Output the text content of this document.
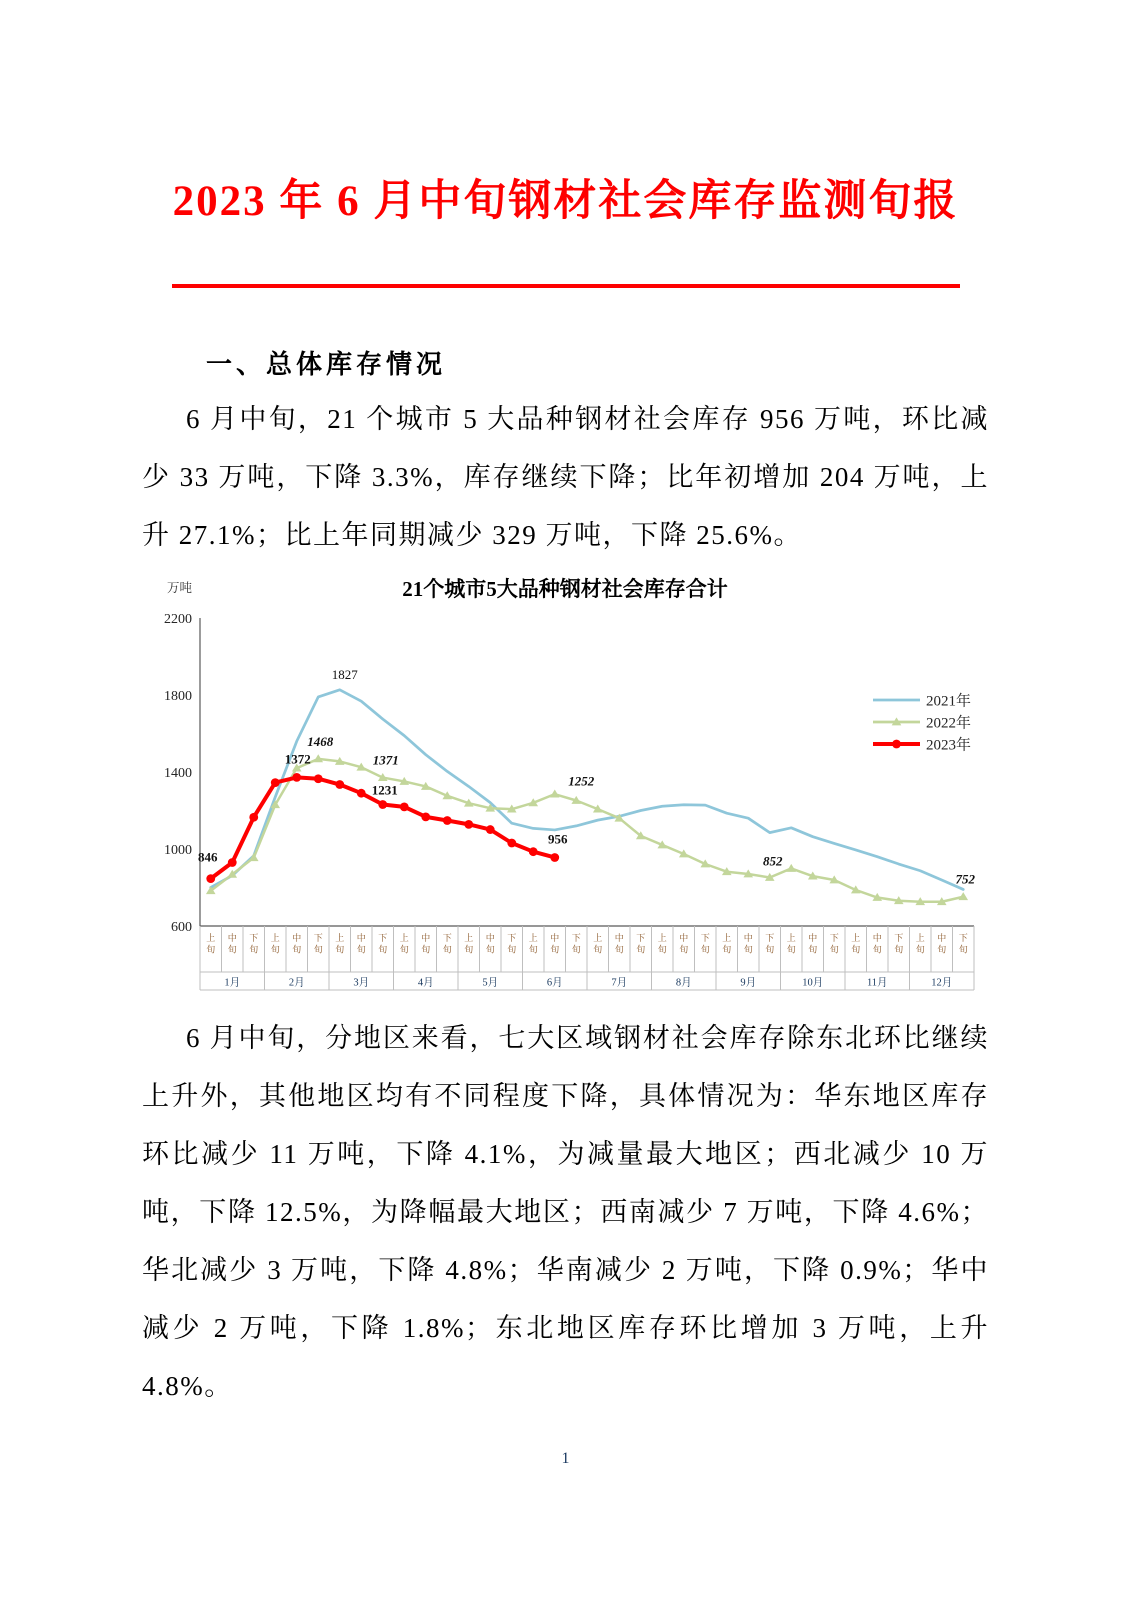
2023 年 6 月中旬钢材社会库存监测旬报
一、总体库存情况

6 月中旬，21 个城市 5 大品种钢材社会库存 956 万吨，环比减少 33 万吨，下降 3.3%，库存继续下降；比年初增加 204 万吨，上升 27.1%；比上年同期减少 329 万吨，下降 25.6%。

21个城市5大品种钢材社会库存合计
万吨
2200
1800
1400
1000
600
上旬
中旬
下旬
上旬
中旬
下旬
上旬
中旬
下旬
上旬
中旬
下旬
上旬
中旬
下旬
上旬
中旬
下旬
上旬
中旬
下旬
上旬
中旬
下旬
上旬
中旬
下旬
上旬
中旬
下旬
上旬
中旬
下旬
上旬
中旬
下旬
1月	2月	3月	4月	5月	6月	7月	8月	9月	10月	11月	12月
1827
1468
1371
1252
852
752
846
1372
1231
956
2021年
2022年
2023年

6 月中旬，分地区来看，七大区域钢材社会库存除东北环比继续上升外，其他地区均有不同程度下降，具体情况为：华东地区库存环比减少 11 万吨，下降 4.1%，为减量最大地区；西北减少 10 万吨，下降 12.5%，为降幅最大地区；西南减少 7 万吨，下降 4.6%；华北减少 3 万吨，下降 4.8%；华南减少 2 万吨，下降 0.9%；华中减少 2 万吨，下降 1.8%；东北地区库存环比增加 3 万吨，上升 4.8%。

1
